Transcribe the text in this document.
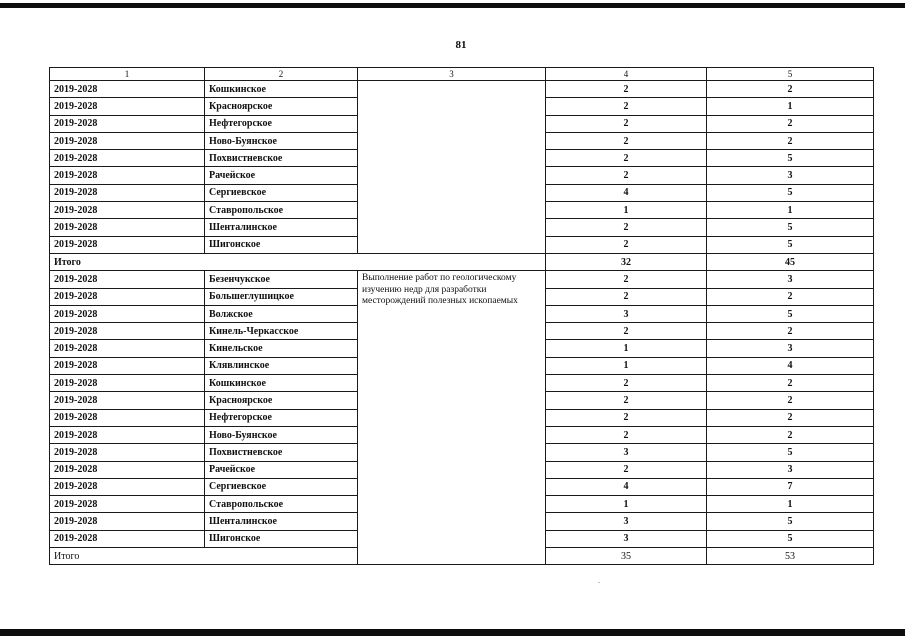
81
1	2	3	4	5
2019-2028	Кошкинское		2	2
2019-2028	Красноярское		2	1
2019-2028	Нефтегорское		2	2
2019-2028	Ново-Буянское		2	2
2019-2028	Похвистневское		2	5
2019-2028	Рачейское		2	3
2019-2028	Сергиевское		4	5
2019-2028	Ставропольское		1	1
2019-2028	Шенталинское		2	5
2019-2028	Шигонское		2	5
Итого			32	45
2019-2028	Безенчукское	Выполнение работ по геологическому изучению недр для разработки месторождений полезных ископаемых	2	3
2019-2028	Большеглушицкое		2	2
2019-2028	Волжское		3	5
2019-2028	Кинель-Черкасское		2	2
2019-2028	Кинельское		1	3
2019-2028	Клявлинское		1	4
2019-2028	Кошкинское		2	2
2019-2028	Красноярское		2	2
2019-2028	Нефтегорское		2	2
2019-2028	Ново-Буянское		2	2
2019-2028	Похвистневское		3	5
2019-2028	Рачейское		2	3
2019-2028	Сергиевское		4	7
2019-2028	Ставропольское		1	1
2019-2028	Шенталинское		3	5
2019-2028	Шигонское		3	5
Итого			35	53
